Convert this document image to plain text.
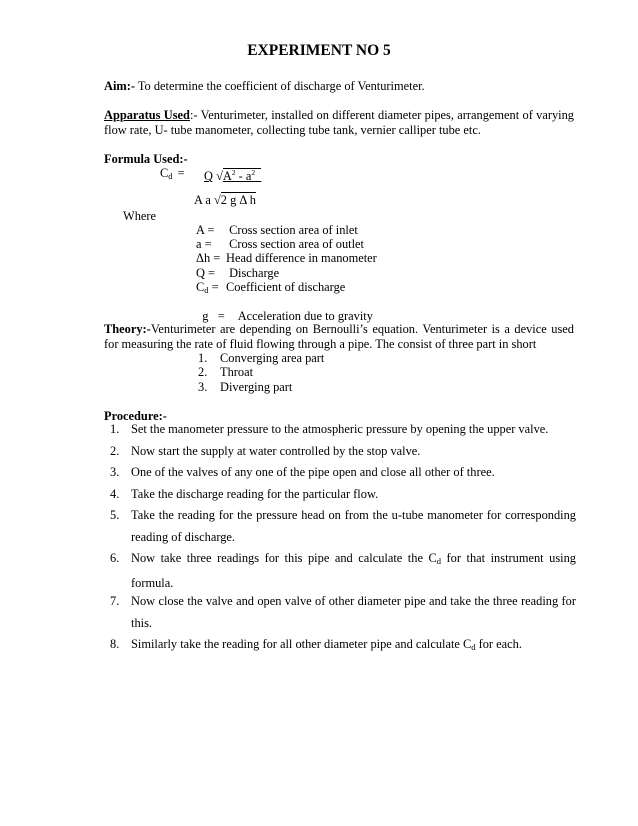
EXPERIMENT NO 5
Aim:- To determine the coefficient of discharge of Venturimeter.
Apparatus Used:- Venturimeter, installed on different diameter pipes, arrangement of varying flow rate, U- tube manometer, collecting tube tank, vernier calliper tube etc.
Formula Used:-
$C_d = Q$ $√A^2 - a^2$
A a √2 g Δ h
Where
A = Cross section area of inlet
a = Cross section area of outlet
Δh = Head difference in manometer
Q = Discharge
$C_d$ = Coefficient of discharge

g   =  Acceleration due to gravity

Theory:-Venturimeter are depending on Bernoulli’s equation. Venturimeter is a device used for measuring the rate of fluid flowing through a pipe. The consist of three part in short
1. Converging area part
2. Throat
3. Diverging part
Procedure:-
1. Set the manometer pressure to the atmospheric pressure by opening the upper valve.
2. Now start the supply at water controlled by the stop valve.
3. One of the valves of any one of the pipe open and close all other of three.
4. Take the discharge reading for the particular flow.
5. Take the reading for the pressure head on from the u-tube manometer for corresponding reading of discharge.
6. Now take three readings for this pipe and calculate the $C_d$ for that instrument using formula.
7. Now close the valve and open valve of other diameter pipe and take the three reading for this.
8. Similarly take the reading for all other diameter pipe and calculate $C_d$ for each.
